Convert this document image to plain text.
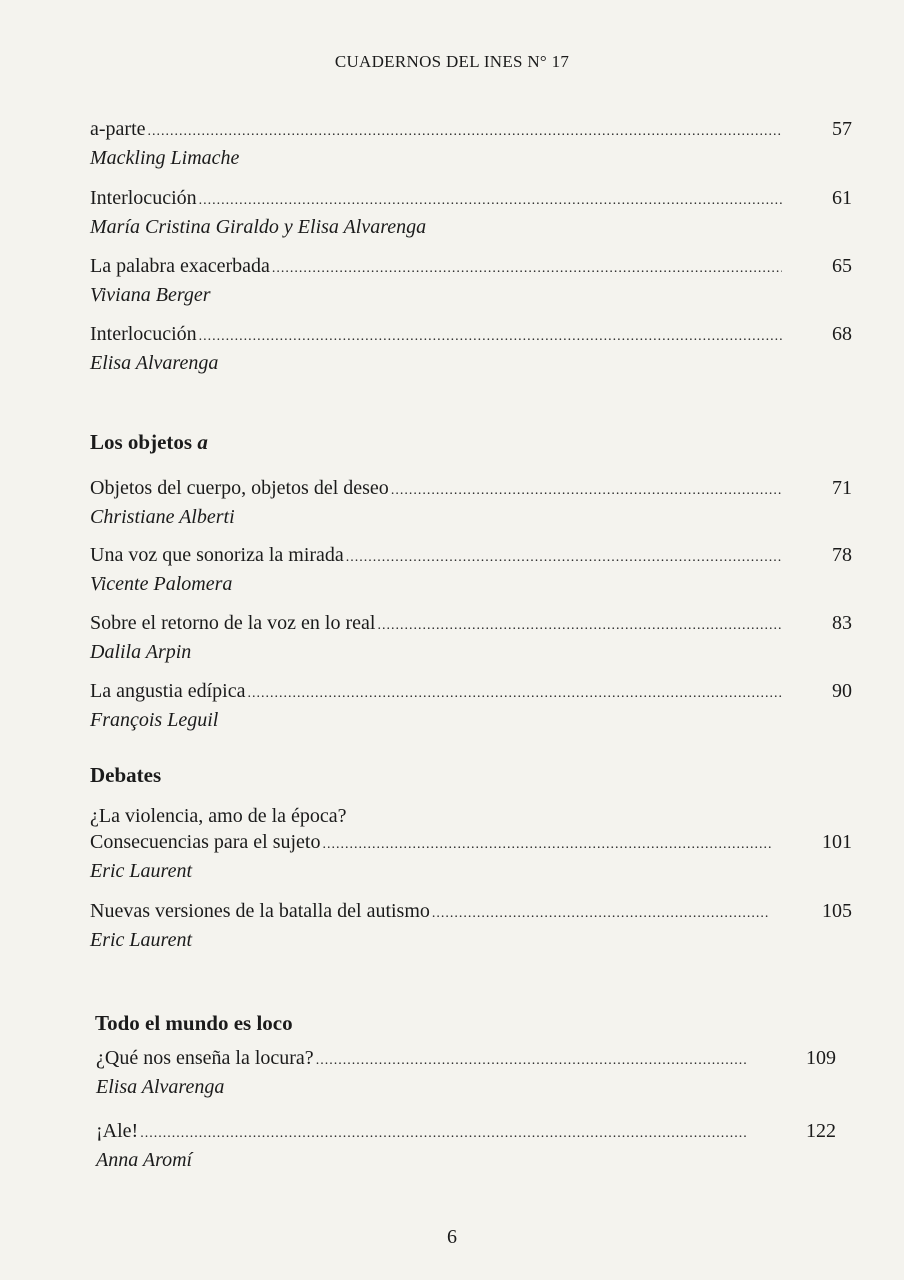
CUADERNOS DEL INES N° 17
a-parte .....	57
Mackling Limache
Interlocución .....	61
María Cristina Giraldo y Elisa Alvarenga
La palabra exacerbada .....	65
Viviana Berger
Interlocución .....	68
Elisa Alvarenga
Los objetos a
Objetos del cuerpo, objetos del deseo .....	71
Christiane Alberti
Una voz que sonoriza la mirada .....	78
Vicente Palomera
Sobre el retorno de la voz en lo real .....	83
Dalila Arpin
La angustia edípica .....	90
François Leguil
Debates
¿La violencia, amo de la época?
Consecuencias para el sujeto .....	101
Eric Laurent
Nuevas versiones de la batalla del autismo .....	105
Eric Laurent
Todo el mundo es loco
¿Qué nos enseña la locura? .....	109
Elisa Alvarenga
¡Ale! .....	122
Anna Aromí
6
